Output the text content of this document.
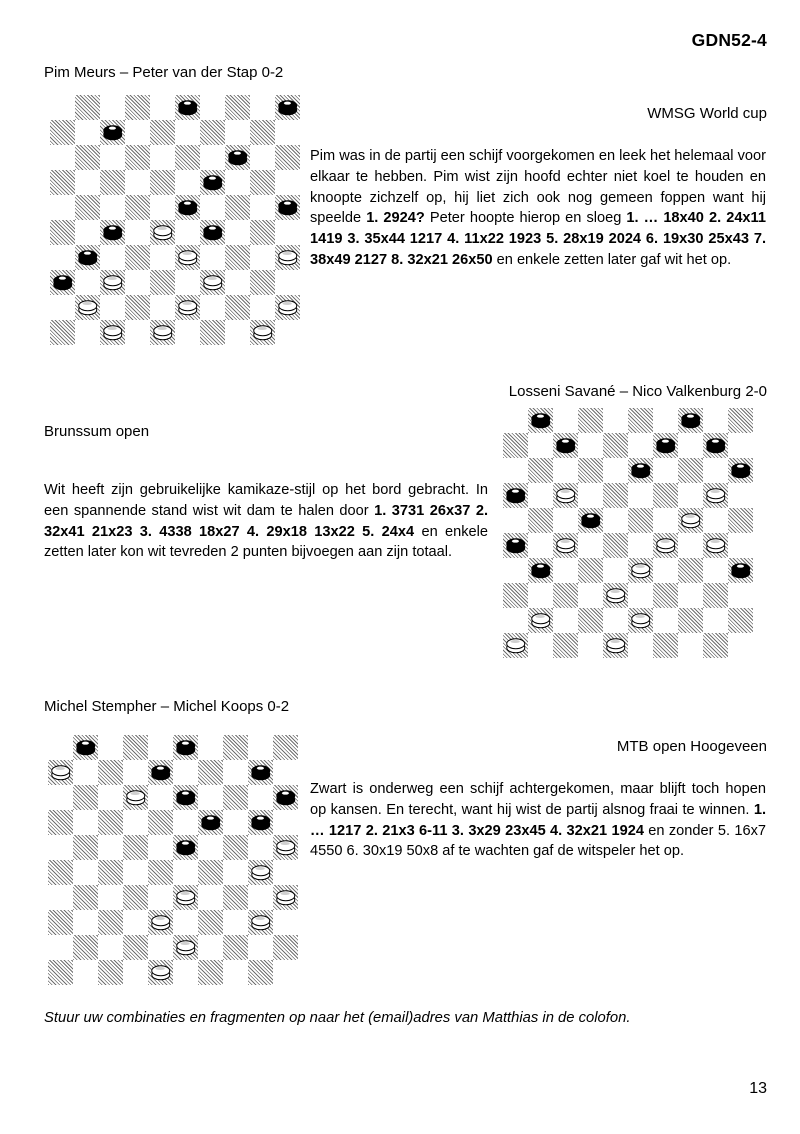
GDN52-4
Pim Meurs – Peter van der Stap 0-2
WMSG World cup
Pim was in de partij een schijf voorgekomen en leek het helemaal voor elkaar te hebben. Pim wist zijn hoofd echter niet koel te houden en knoopte zichzelf op, hij liet zich ook nog gemeen foppen want hij speelde 1. 2924? Peter hoopte hierop en sloeg 1. … 18x40 2. 24x11 1419 3. 35x44 1217 4. 11x22 1923 5. 28x19 2024 6. 19x30 25x43 7. 38x49 2127 8. 32x21 26x50 en enkele zetten later gaf wit het op.
Losseni Savané – Nico Valkenburg 2-0
Brunssum open
Wit heeft zijn gebruikelijke kamikaze-stijl op het bord gebracht. In een spannende stand wist wit dam te halen door 1. 3731 26x37 2. 32x41 21x23 3. 4338 18x27 4. 29x18 13x22 5. 24x4 en enkele zetten later kon wit tevreden 2 punten bijvoegen aan zijn totaal.
Michel Stempher – Michel Koops 0-2
MTB open Hoogeveen
Zwart is onderweg een schijf achtergekomen, maar blijft toch hopen op kansen. En terecht, want hij wist de partij alsnog fraai te winnen. 1. … 1217 2. 21x3 6-11 3. 3x29 23x45 4. 32x21 1924 en zonder 5. 16x7 4550 6. 30x19 50x8 af te wachten gaf de witspeler het op.
Stuur uw combinaties en fragmenten op naar het (email)adres van Matthias in de colofon.
13
